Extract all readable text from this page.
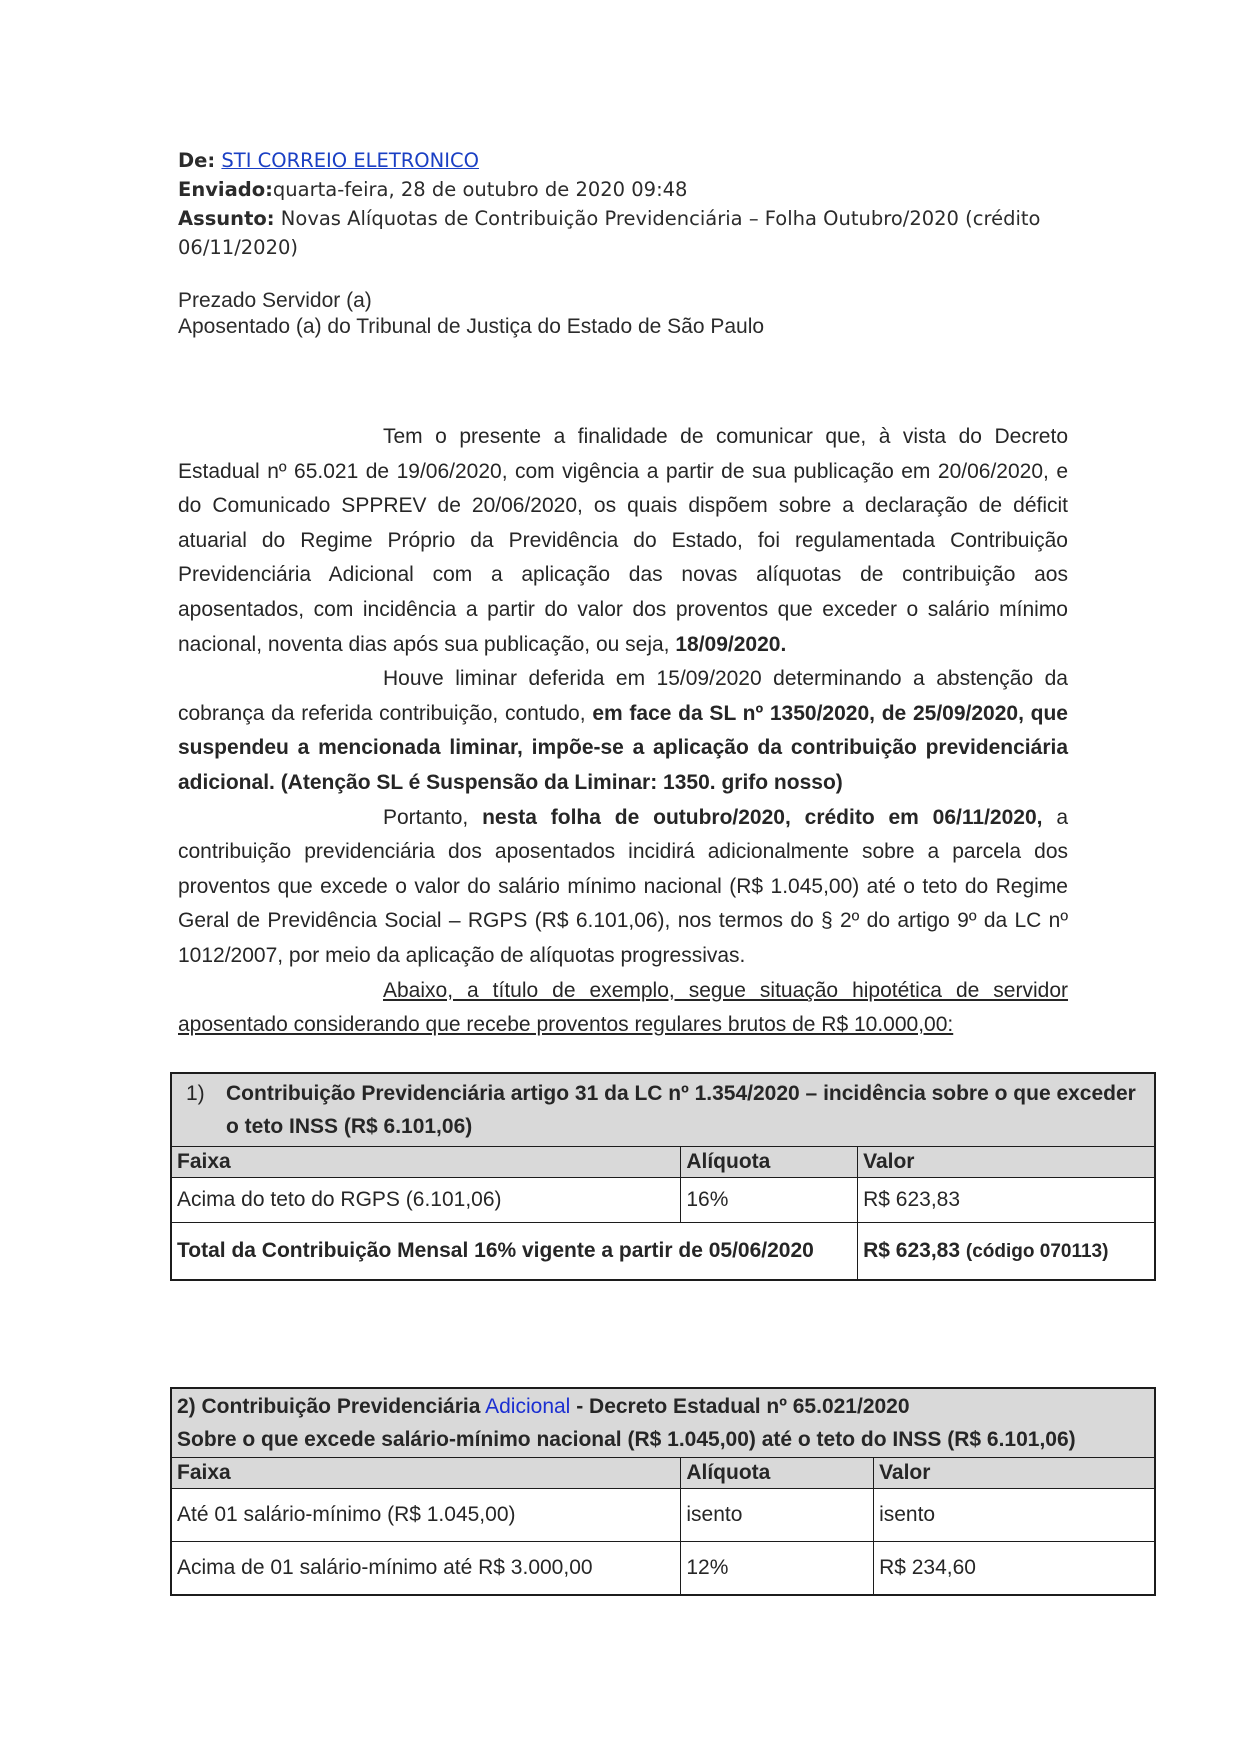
De: STI CORREIO ELETRONICO
Enviado:quarta-feira, 28 de outubro de 2020 09:48
Assunto: Novas Alíquotas de Contribuição Previdenciária – Folha Outubro/2020 (crédito 06/11/2020)
Prezado Servidor (a)
Aposentado (a) do Tribunal de Justiça do Estado de São Paulo

Tem o presente a finalidade de comunicar que, à vista do Decreto Estadual nº 65.021 de 19/06/2020, com vigência a partir de sua publicação em 20/06/2020, e do Comunicado SPPREV de 20/06/2020, os quais dispõem sobre a declaração de déficit atuarial do Regime Próprio da Previdência do Estado, foi regulamentada Contribuição Previdenciária Adicional com a aplicação das novas alíquotas de contribuição aos aposentados, com incidência a partir do valor dos proventos que exceder o salário mínimo nacional, noventa dias após sua publicação, ou seja, 18/09/2020.

Houve liminar deferida em 15/09/2020 determinando a abstenção da cobrança da referida contribuição, contudo, em face da SL nº 1350/2020, de 25/09/2020, que suspendeu a mencionada liminar, impõe-se a aplicação da contribuição previdenciária adicional. (Atenção SL é Suspensão da Liminar: 1350. grifo nosso)

Portanto, nesta folha de outubro/2020, crédito em 06/11/2020, a contribuição previdenciária dos aposentados incidirá adicionalmente sobre a parcela dos proventos que excede o valor do salário mínimo nacional (R$ 1.045,00) até o teto do Regime Geral de Previdência Social – RGPS (R$ 6.101,06), nos termos do § 2º do artigo 9º da LC nº 1012/2007, por meio da aplicação de alíquotas progressivas.

Abaixo, a título de exemplo, segue situação hipotética de servidor aposentado considerando que recebe proventos regulares brutos de R$ 10.000,00:

1) Contribuição Previdenciária artigo 31 da LC nº 1.354/2020 – incidência sobre o que exceder o teto INSS (R$ 6.101,06)		

Faixa	Alíquota	Valor
Acima do teto do RGPS (6.101,06)	16%	R$ 623,83
Total da Contribuição Mensal 16% vigente a partir de 05/06/2020		R$ 623,83 (código 070113)
2) Contribuição Previdenciária Adicional - Decreto Estadual nº 65.021/2020
Sobre o que excede salário-mínimo nacional (R$ 1.045,00) até o teto do INSS (R$ 6.101,06)		

Faixa	Alíquota	Valor
Até 01 salário-mínimo (R$ 1.045,00)	isento	isento
Acima de 01 salário-mínimo até R$ 3.000,00	12%	R$ 234,60
